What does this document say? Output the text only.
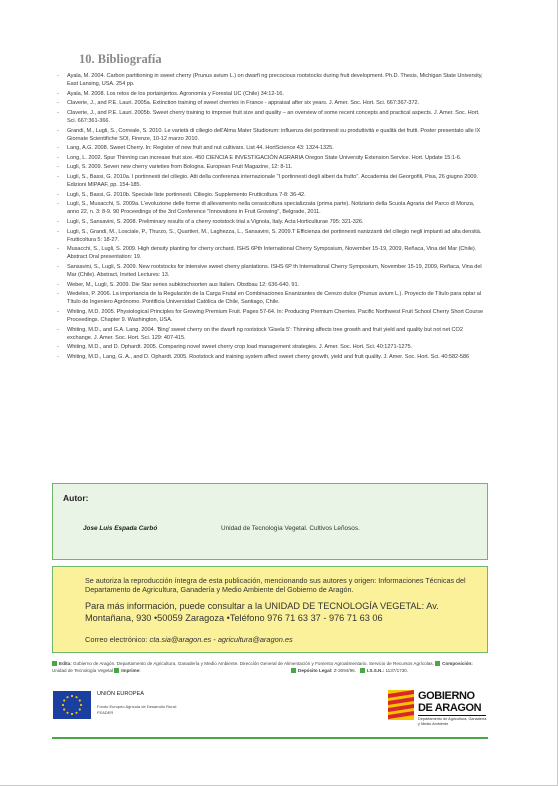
10. Bibliografía
- Ayala, M. 2004. Carbon partitioning in sweet cherry (Prunus avium L.) on dwarfi ng precocious rootstocks during fruit development. Ph.D. Thesis, Michigan State University, East Lansing, USA. 254 pp.
- Ayala, M. 2008. Los retos de los portainjertos. Agronomía y Forestal UC (Chile) 34:12-16.
- Claverie, J., and P.E. Lauri. 2005a. Extinction training of sweet cherries in France - appraisal after six years. J. Amer. Soc. Hort. Sci. 667:367-372.
- Claverie, J., and P.E. Lauri. 2005b. Sweet cherry training to improve fruit size and quality – an overview of some recent concepts and practical aspects. J. Amer. Soc. Hort. Sci. 667:361-366.
- Grandi, M., Lugli, S., Correale, S. 2010. Le varietà di ciliegio dell'Alma Mater Studiorum: influenza dei portinnesti su produttività e qualità dei frutti. Poster presentato alle IX Giornate Scientifiche SOI, Firenze, 10-12 marzo 2010.
- Lang, A.G. 2008. Sweet Cherry. In: Register of new fruit and nut cultivars. List 44. HortScience 43: 1324-1325.
- Long, L. 2002. Spur Thinning can increase fruit size. 450 CIENCIA E INVESTIGACIÓN AGRARIA Oregon State University Extension Service. Hort. Update 15:1-6.
- Lugli, S. 2009. Seven new cherry varieties from Bologna. European Fruit Magazine, 12: 8-11.
- Lugli, S., Bassi, G. 2010a. I portinnesti del ciliegio. Atti della conferenza internazionale "I portinnesti degli alberi da frutto". Accademia dei Georgofili, Pisa, 26 giugno 2009. Edizioni MIPAAF, pp. 154-185.
- Lugli, S., Bassi, G. 2010b. Speciale liste portinnesti. Ciliegio. Supplemento Frutticoltura 7-8: 36-42.
- Lugli, S., Musacchi, S. 2009a. L'evoluzione delle forme di allevamento nella cerasicoltura specializzata (prima parte). Notiziario della Scuola Agraria del Parco di Monza, anno 22, n. 3: 8-9. 90 Proceedings of the 3rd Conference "Innovations in Fruit Growing", Belgrade, 2011.
- Lugli, S., Sansavini, S. 2008. Preliminary results of a cherry rootstock trial a Vignola, Italy. Acta Horticulturae 795: 321-326.
- Lugli, S., Grandi, M., Losciale, P., Thurzo, S., Quartieri, M., Laghezza, L., Sansavini, S. 2009.T Efficienza dei portinnesti nanizzanti del ciliegio negli impianti ad alta densità. Frutticoltura 5: 18-27.
- Musacchi, S., Lugli, S. 2009. High density planting for cherry orchard. ISHS 6Pth International Cherry Symposium, November 15-19, 2009, Reñaca, Vina del Mar (Chile). Abstract Oral presentation: 19.
- Sansavini, S., Lugli, S. 2009. New rootstocks for intensive sweet cherry plantations. ISHS 6P th International Cherry Symposium, November 15-19, 2009, Reñaca, Vina del Mar (Chile). Abstract, Invited Lectures: 13.
- Weber, M., Lugli, S. 2009. Die Star series subkirschsorten aus Italien. Obstbau 12: 636-640. 91.
- Wedeles, P. 2006. La importancia de la Regulación de la Carga Frutal en Combinaciones Enanizantes de Cerezo dulce (Prunus avium L.). Proyecto de Título para optar al Título de Ingeniero Agrónomo. Pontificia Universidad Católica de Chile, Santiago, Chile.
- Whiting, M.D. 2005. Physiological Principles for Growing Premium Fruit. Pages 57-64. In: Producing Premium Cherries. Pacific Northwest Fruit School Cherry Short Course Proceedings. Chapter 9. Washington, USA.
- Whiting, M.D., and G.A. Lang. 2004. 'Bing' sweet cherry on the dwarfi ng rootstock 'Gisela 5': Thinning affects tree growth and fruit yield and quality but not net CO2 exchange. J. Amer. Soc. Hort. Sci. 129: 407-415.
- Whiting, M.D., and D. Ophardt. 2005. Comparing novel sweet cherry crop load management strategies. J. Amer. Soc. Hort. Sci. 40:1271-1275.
- Whiting, M.D., Lang, G. A., and D. Ophardt. 2005. Rootstock and training system affect sweet cherry growth, yield and fruit quality. J. Amer. Soc. Hort. Sci. 40:582-586
Autor:
Jose Luis Espada Carbó	Unidad de Tecnología Vegetal. Cultivos Leñosos.

Se autoriza la reproducción íntegra de esta publicación, mencionando sus autores y origen: Informaciones Técnicas del Departamento de Agricultura, Ganadería y Medio Ambiente del Gobierno de Aragón.

Para más información, puede consultar a la UNIDAD DE TECNOLOGÍA VEGETAL: Av. Montañana, 930 •50059 Zaragoza •Teléfono 976 71 63 37 - 976 71 63 06

Correo electrónico: cta.sia@aragon.es - agricultura@aragon.es

Edita: Gobierno de Aragón. Departamento de Agricultura, Ganadería y Medio Ambiente. Dirección General de Alimentación y Fomento Agroalimentario. Servicio de Recursos Agrícolas. Composición: Unidad de Tecnología Vegetal Imprime:	Depósito Legal: Z-3094/96. I.S.S.N.: 1137/1730.
UNIÓN EUROPEA
Fondo Europeo Agrícola de Desarrollo Rural: FEADER
GOBIERNO
DE ARAGON
Departamento de Agricultura, Ganadería y Medio Ambiente
